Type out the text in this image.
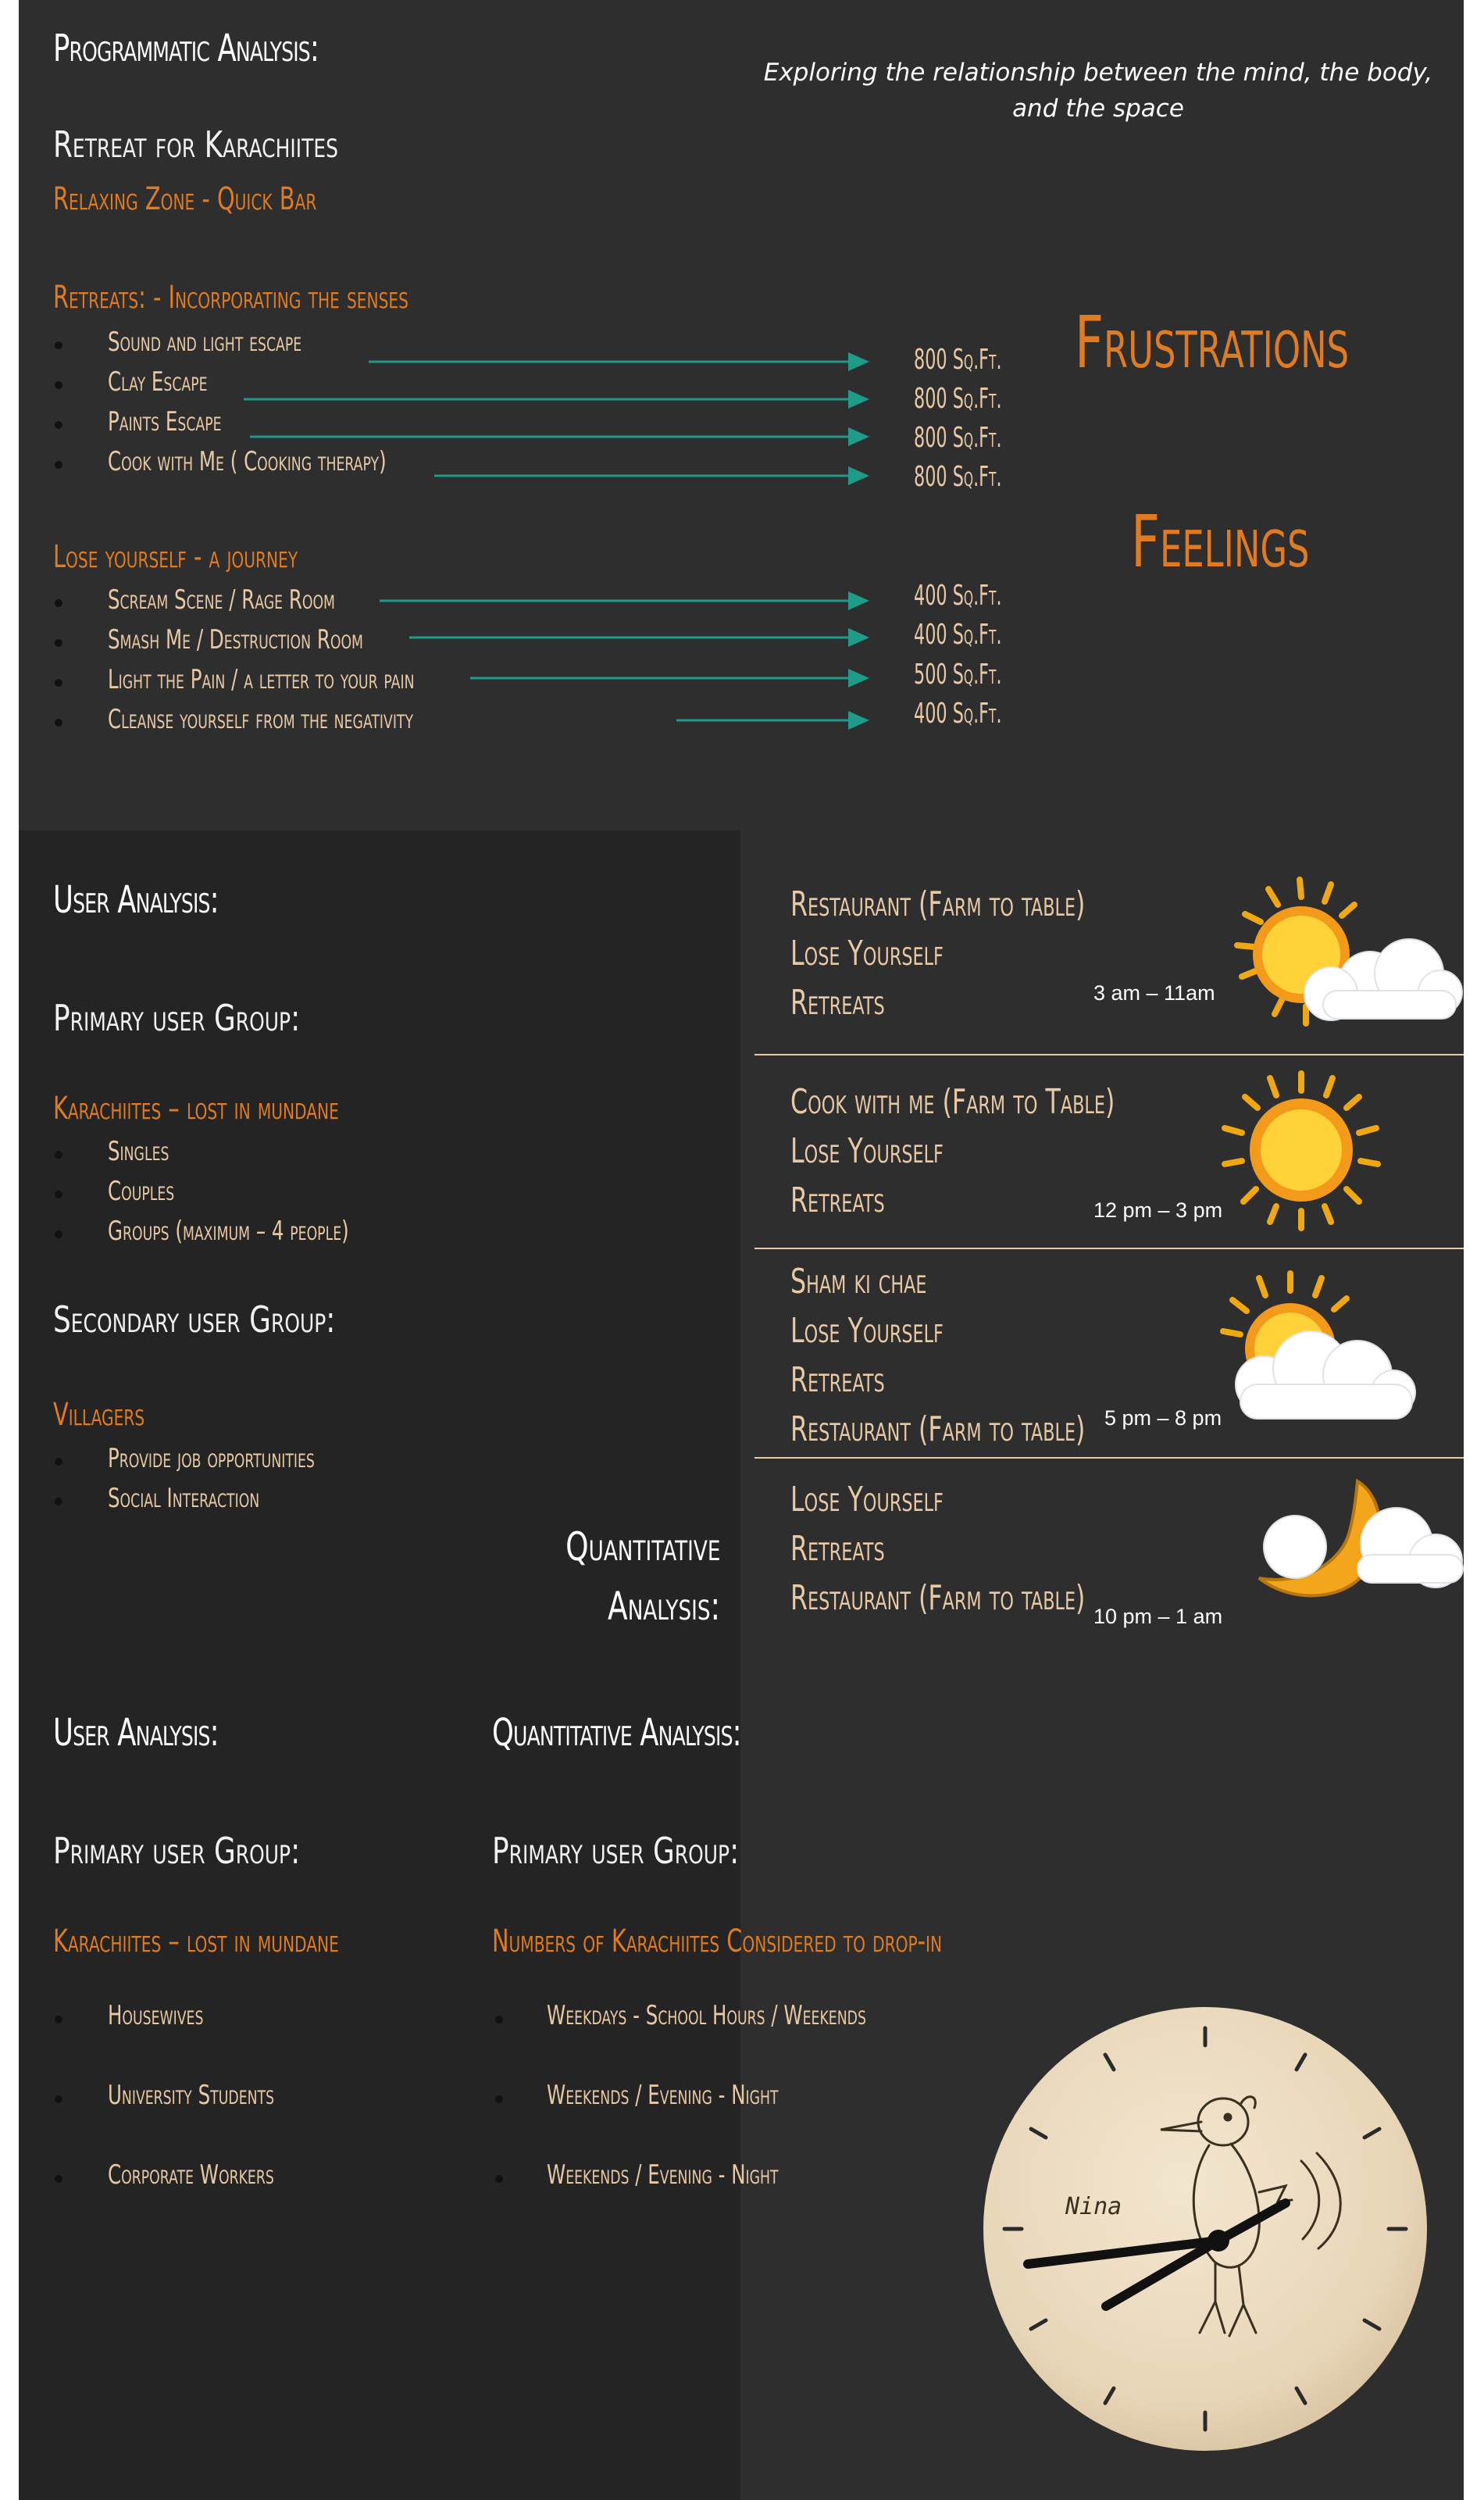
Programmatic Analysis:
Exploring the relationship between the mind, the body, and the space
Retreat for Karachiites
Relaxing Zone - Quick Bar
Retreats: - Incorporating the senses
Sound and light escape
Clay Escape
Paints Escape
Cook with Me ( Cooking therapy)
800 Sq.Ft.
800 Sq.Ft.
800 Sq.Ft.
800 Sq.Ft.
Frustrations
Feelings
Lose yourself - a journey
Scream Scene / Rage Room
Smash Me / Destruction Room
Light the Pain / a letter to your pain
Cleanse yourself from the negativity
400 Sq.Ft.
400 Sq.Ft.
500 Sq.Ft.
400 Sq.Ft.
User Analysis:
Primary user Group:
Karachiites – lost in mundane
Singles
Couples
Groups (maximum – 4 people)
Secondary user Group:
Villagers
Provide job opportunities
Social Interaction
Quantitative
Analysis:
Restaurant (Farm to table)
Lose Yourself
Retreats	3 am – 11am
Cook with me (Farm to Table)
Lose Yourself
Retreats	12 pm – 3 pm
Sham ki chae
Lose Yourself
Retreats
Restaurant (Farm to table) 5 pm – 8 pm
Lose Yourself
Retreats
Restaurant (Farm to table) 10 pm – 1 am
User Analysis:
Primary user Group:
Karachiites – lost in mundane
Housewives
University Students
Corporate Workers
Quantitative Analysis:
Primary user Group:
Numbers of Karachiites Considered to drop-in
Weekdays - School Hours / Weekends
Weekends / Evening - Night
Weekends / Evening - Night
Nina
